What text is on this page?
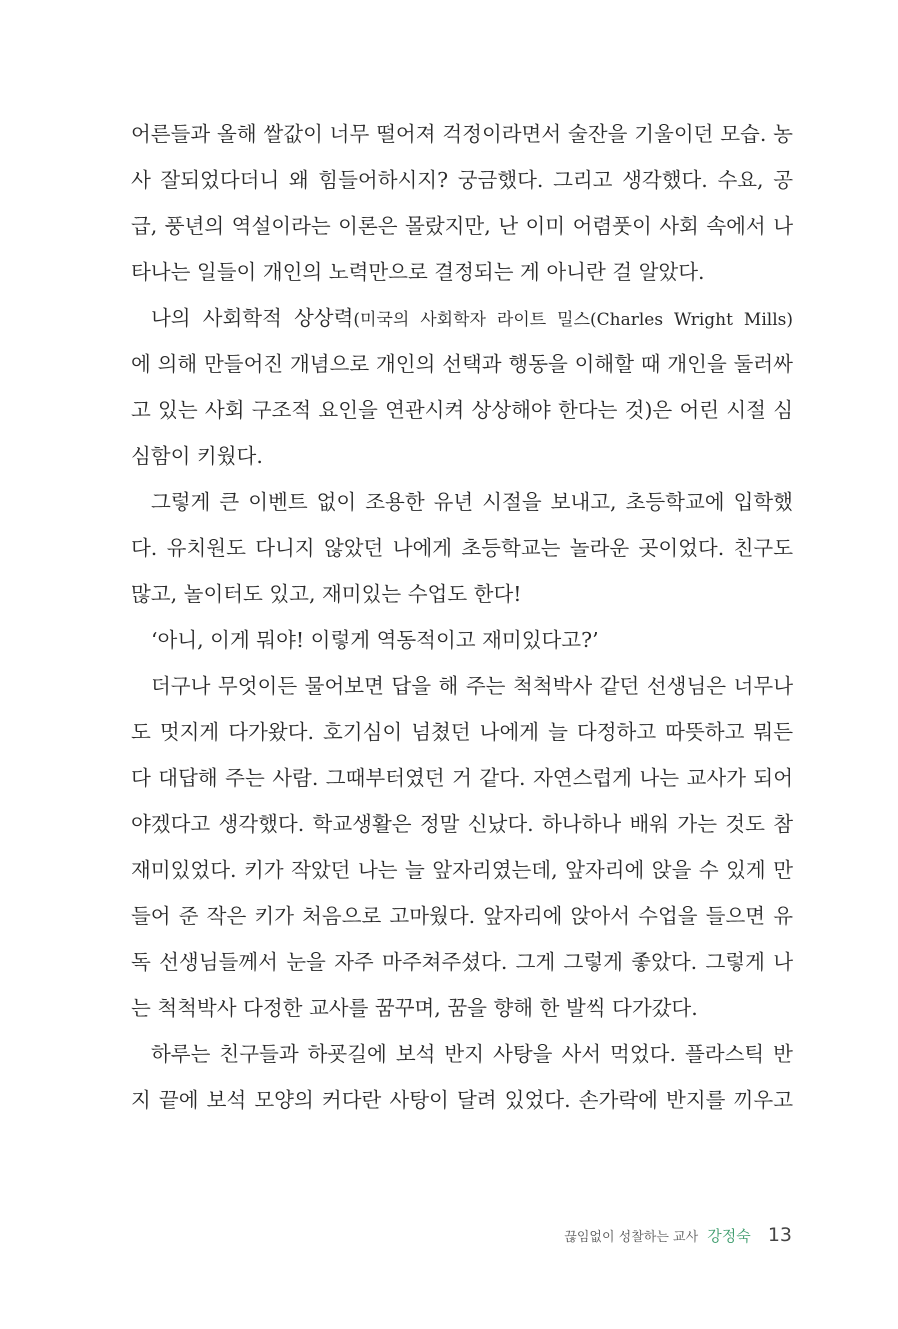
어른들과 올해 쌀값이 너무 떨어져 걱정이라면서 술잔을 기울이던 모습. 농
사 잘되었다더니 왜 힘들어하시지? 궁금했다. 그리고 생각했다. 수요, 공
급, 풍년의 역설이라는 이론은 몰랐지만, 난 이미 어렴풋이 사회 속에서 나
타나는 일들이 개인의 노력만으로 결정되는 게 아니란 걸 알았다.
나의 사회학적 상상력(미국의 사회학자 라이트 밀스(Charles Wright Mills)
에 의해 만들어진 개념으로 개인의 선택과 행동을 이해할 때 개인을 둘러싸
고 있는 사회 구조적 요인을 연관시켜 상상해야 한다는 것)은 어린 시절 심
심함이 키웠다.
그렇게 큰 이벤트 없이 조용한 유년 시절을 보내고, 초등학교에 입학했
다. 유치원도 다니지 않았던 나에게 초등학교는 놀라운 곳이었다. 친구도
많고, 놀이터도 있고, 재미있는 수업도 한다!
‘아니, 이게 뭐야! 이렇게 역동적이고 재미있다고?’
더구나 무엇이든 물어보면 답을 해 주는 척척박사 같던 선생님은 너무나
도 멋지게 다가왔다. 호기심이 넘쳤던 나에게 늘 다정하고 따뜻하고 뭐든
다 대답해 주는 사람. 그때부터였던 거 같다. 자연스럽게 나는 교사가 되어
야겠다고 생각했다. 학교생활은 정말 신났다. 하나하나 배워 가는 것도 참
재미있었다. 키가 작았던 나는 늘 앞자리였는데, 앞자리에 앉을 수 있게 만
들어 준 작은 키가 처음으로 고마웠다. 앞자리에 앉아서 수업을 들으면 유
독 선생님들께서 눈을 자주 마주쳐주셨다. 그게 그렇게 좋았다. 그렇게 나
는 척척박사 다정한 교사를 꿈꾸며, 꿈을 향해 한 발씩 다가갔다.
하루는 친구들과 하굣길에 보석 반지 사탕을 사서 먹었다. 플라스틱 반
지 끝에 보석 모양의 커다란 사탕이 달려 있었다. 손가락에 반지를 끼우고
끊임없이 성찰하는 교사 강정숙 13
